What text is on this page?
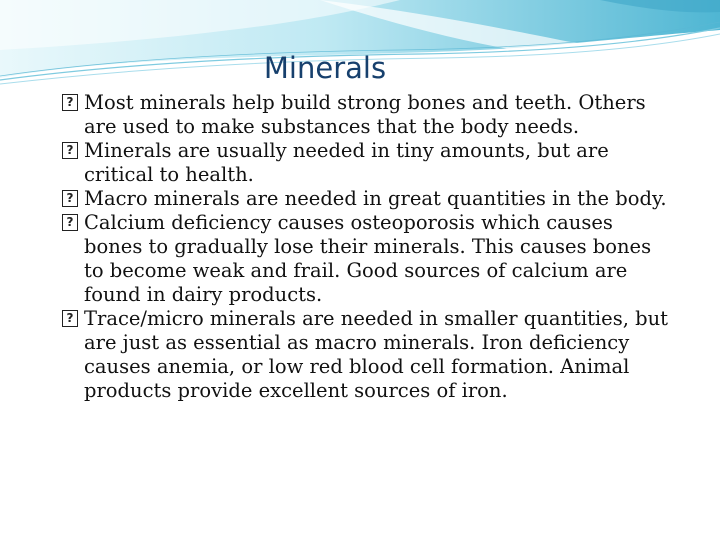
Minerals
? Most minerals help build strong bones and teeth. Others are used to make substances that the body needs.
? Minerals are usually needed in tiny amounts, but are critical to health.
? Macro minerals are needed in great quantities in the body.
? Calcium deficiency causes osteoporosis which causes bones to gradually lose their minerals. This causes bones to become weak and frail. Good sources of calcium are found in dairy products.
? Trace/micro minerals are needed in smaller quantities, but are just as essential as macro minerals. Iron deficiency causes anemia, or low red blood cell formation. Animal products provide excellent sources of iron.
